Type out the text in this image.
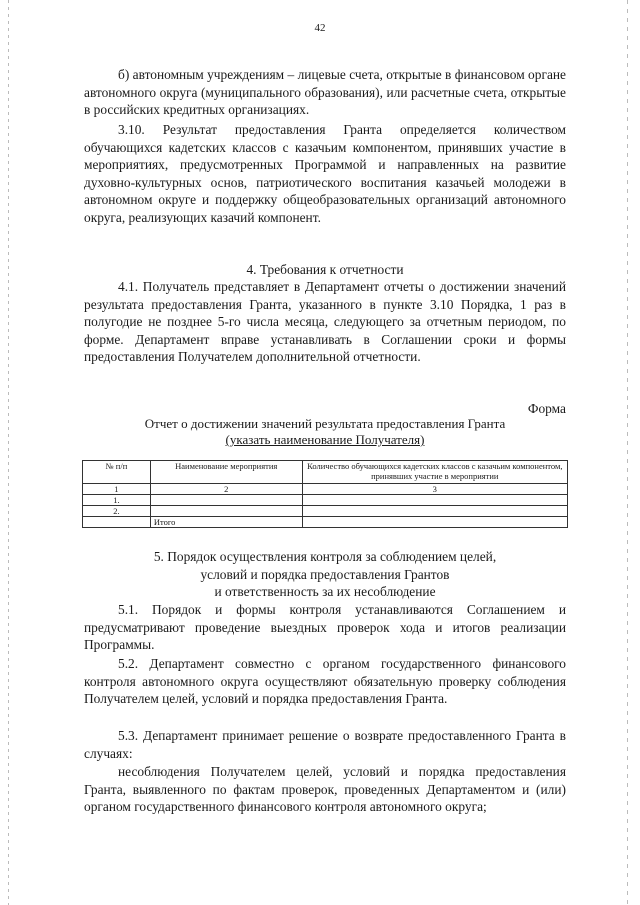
42

б) автономным учреждениям – лицевые счета, открытые в финансовом органе автономного округа (муниципального образования), или расчетные счета, открытые в российских кредитных организациях.

3.10. Результат предоставления Гранта определяется количеством обучающихся кадетских классов с казачьим компонентом, принявших участие в мероприятиях, предусмотренных Программой и направленных на развитие духовно-культурных основ, патриотического воспитания казачьей молодежи в автономном округе и поддержку общеобразовательных организаций автономного округа, реализующих казачий компонент.

4. Требования к отчетности

4.1. Получатель представляет в Департамент отчеты о достижении значений результата предоставления Гранта, указанного в пункте 3.10 Порядка, 1 раз в полугодие не позднее 5-го числа месяца, следующего за отчетным периодом, по форме. Департамент вправе устанавливать в Соглашении сроки и формы предоставления Получателем дополнительной отчетности.

Форма
Отчет о достижении значений результата предоставления Гранта
(указать наименование Получателя)
№ п/п	Наименование мероприятия	Количество обучающихся кадетских классов с казачьим компонентом, принявших участие в мероприятии
1	2	3
1.		
2.		
	Итого	
5. Порядок осуществления контроля за соблюдением целей,
условий и порядка предоставления Грантов
и ответственность за их несоблюдение

5.1. Порядок и формы контроля устанавливаются Соглашением и предусматривают проведение выездных проверок хода и итогов реализации Программы.

5.2. Департамент совместно с органом государственного финансового контроля автономного округа осуществляют обязательную проверку соблюдения Получателем целей, условий и порядка предоставления Гранта.

5.3. Департамент принимает решение о возврате предоставленного Гранта в случаях:

несоблюдения Получателем целей, условий и порядка предоставления Гранта, выявленного по фактам проверок, проведенных Департаментом и (или) органом государственного финансового контроля автономного округа;
